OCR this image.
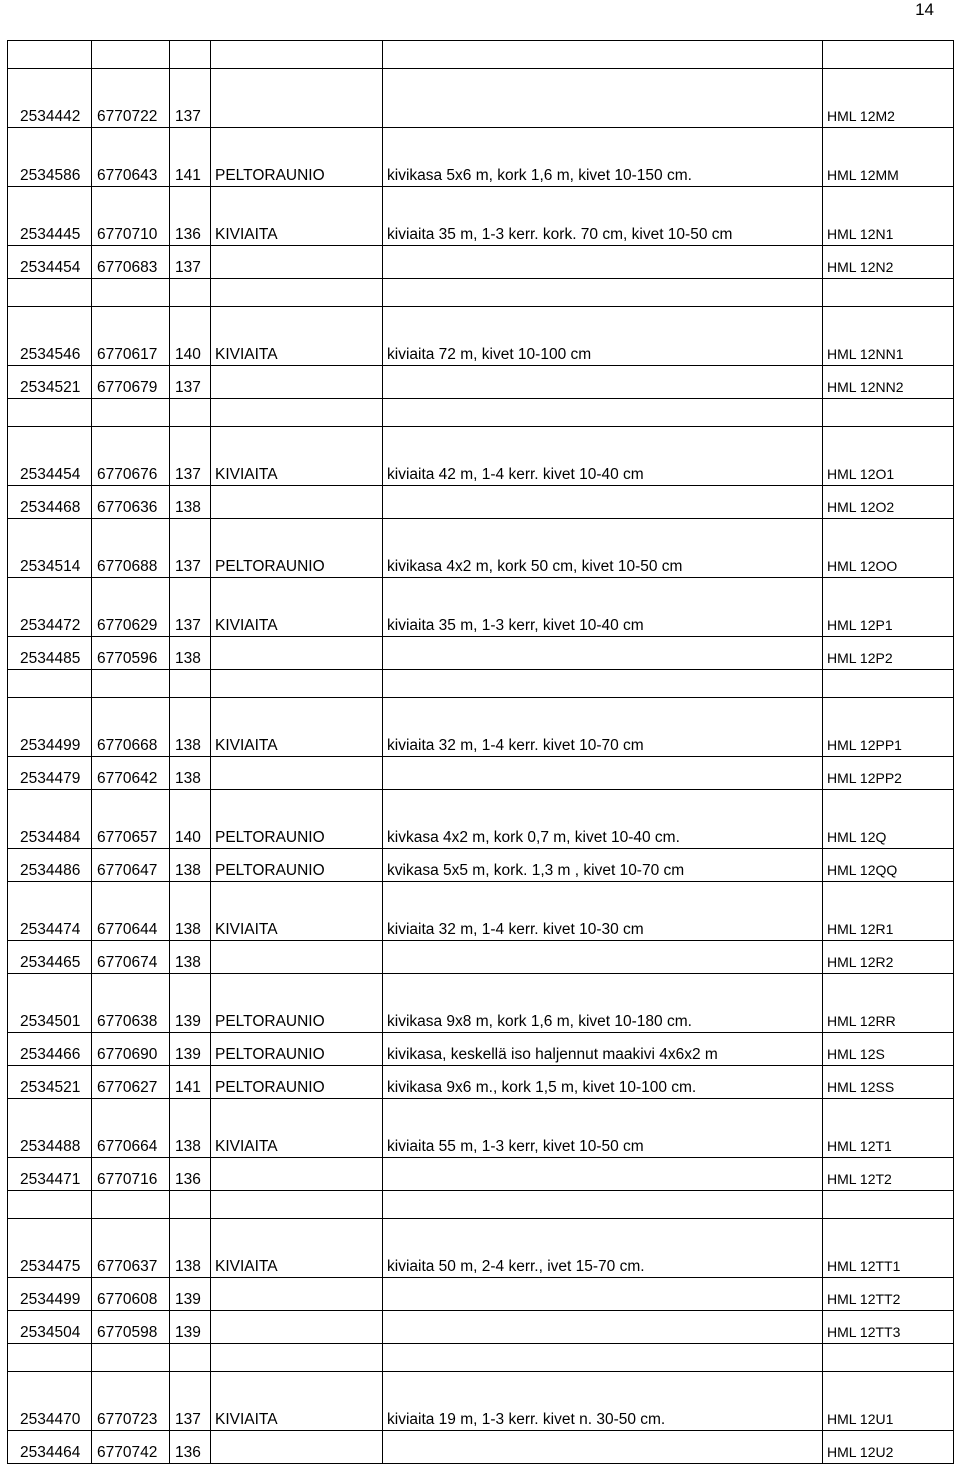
14

2534442	6770722	137			HML 12M2
2534586	6770643	141	PELTORAUNIO	kivikasa 5x6 m, kork 1,6 m, kivet 10-150 cm.	HML 12MM
2534445	6770710	136	KIVIAITA	kiviaita 35 m, 1-3 kerr. kork. 70 cm, kivet 10-50 cm	HML 12N1
2534454	6770683	137			HML 12N2

2534546	6770617	140	KIVIAITA	kiviaita 72 m, kivet 10-100 cm	HML 12NN1
2534521	6770679	137			HML 12NN2

2534454	6770676	137	KIVIAITA	kiviaita 42 m, 1-4 kerr. kivet 10-40 cm	HML 12O1
2534468	6770636	138			HML 12O2
2534514	6770688	137	PELTORAUNIO	kivikasa 4x2 m, kork 50 cm, kivet 10-50 cm	HML 12OO
2534472	6770629	137	KIVIAITA	kiviaita 35 m, 1-3 kerr, kivet 10-40 cm	HML 12P1
2534485	6770596	138			HML 12P2

2534499	6770668	138	KIVIAITA	kiviaita 32 m, 1-4 kerr. kivet 10-70 cm	HML 12PP1
2534479	6770642	138			HML 12PP2
2534484	6770657	140	PELTORAUNIO	kivkasa 4x2 m, kork 0,7 m, kivet 10-40 cm.	HML 12Q
2534486	6770647	138	PELTORAUNIO	kvikasa 5x5 m, kork. 1,3 m , kivet 10-70 cm	HML 12QQ
2534474	6770644	138	KIVIAITA	kiviaita 32 m, 1-4 kerr. kivet 10-30 cm	HML 12R1
2534465	6770674	138			HML 12R2
2534501	6770638	139	PELTORAUNIO	kivikasa 9x8 m, kork 1,6 m, kivet 10-180 cm.	HML 12RR
2534466	6770690	139	PELTORAUNIO	kivikasa, keskellä iso haljennut maakivi 4x6x2 m	HML 12S
2534521	6770627	141	PELTORAUNIO	kivikasa 9x6 m., kork 1,5 m, kivet 10-100 cm.	HML 12SS
2534488	6770664	138	KIVIAITA	kiviaita 55 m, 1-3 kerr, kivet 10-50 cm	HML 12T1
2534471	6770716	136			HML 12T2

2534475	6770637	138	KIVIAITA	kiviaita 50 m, 2-4 kerr., ivet 15-70 cm.	HML 12TT1
2534499	6770608	139			HML 12TT2
2534504	6770598	139			HML 12TT3

2534470	6770723	137	KIVIAITA	kiviaita 19 m, 1-3 kerr. kivet n. 30-50 cm.	HML 12U1
2534464	6770742	136			HML 12U2
